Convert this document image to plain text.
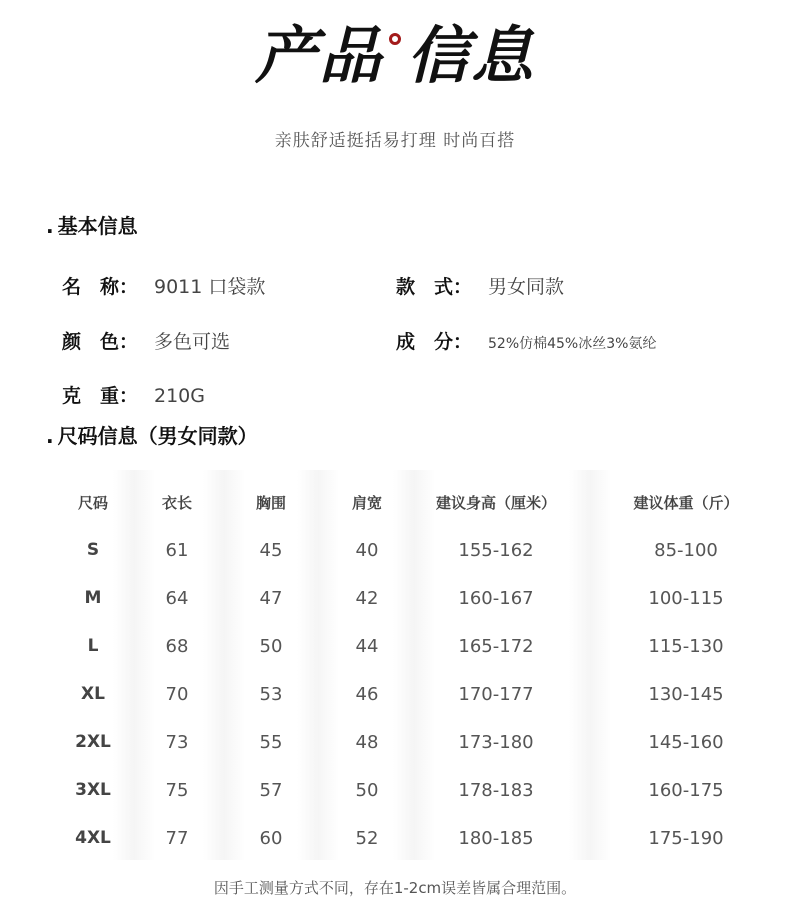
产品 信息
亲肤舒适挺括易打理 时尚百搭
. 基本信息
名　称： 9011 口袋款	款　式： 男女同款
颜　色： 多色可选	成　分： 52%仿棉45%冰丝3%氨纶
克　重： 210G
. 尺码信息（男女同款）
尺码	衣长	胸围	肩宽	建议身高（厘米）	建议体重（斤）
S	61	45	40	155-162	85-100
M	64	47	42	160-167	100-115
L	68	50	44	165-172	115-130
XL	70	53	46	170-177	130-145
2XL	73	55	48	173-180	145-160
3XL	75	57	50	178-183	160-175
4XL	77	60	52	180-185	175-190
因手工测量方式不同，存在1-2cm误差皆属合理范围。
